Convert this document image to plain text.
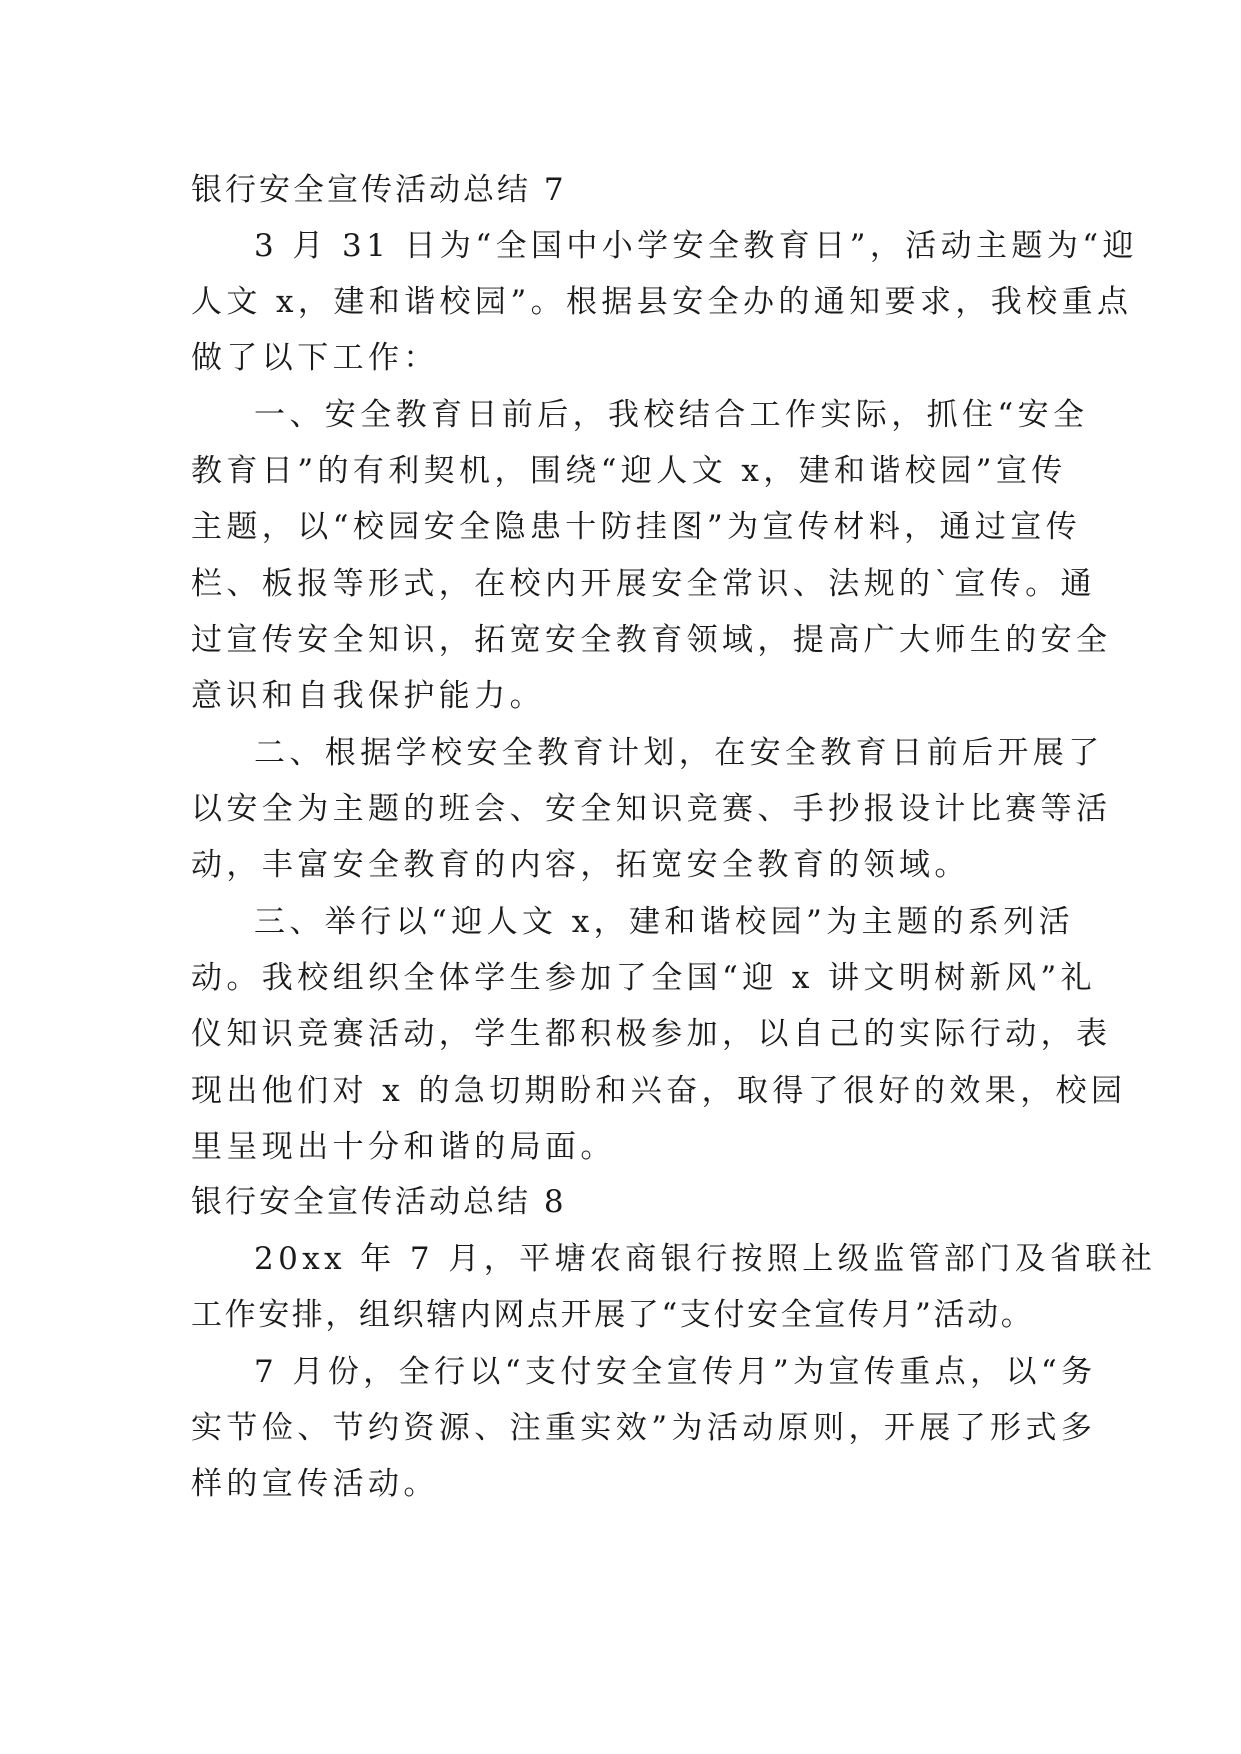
银行安全宣传活动总结 7
3 月 31 日为“全国中小学安全教育日”，活动主题为“迎
人文 x，建和谐校园”。根据县安全办的通知要求，我校重点
做了以下工作：
一、安全教育日前后，我校结合工作实际，抓住“安全
教育日”的有利契机，围绕“迎人文 x，建和谐校园”宣传
主题，以“校园安全隐患十防挂图”为宣传材料，通过宣传
栏、板报等形式，在校内开展安全常识、法规的`宣传。通
过宣传安全知识，拓宽安全教育领域，提高广大师生的安全
意识和自我保护能力。
二、根据学校安全教育计划，在安全教育日前后开展了
以安全为主题的班会、安全知识竞赛、手抄报设计比赛等活
动，丰富安全教育的内容，拓宽安全教育的领域。
三、举行以“迎人文 x，建和谐校园”为主题的系列活
动。我校组织全体学生参加了全国“迎 x 讲文明树新风”礼
仪知识竞赛活动，学生都积极参加，以自己的实际行动，表
现出他们对 x 的急切期盼和兴奋，取得了很好的效果，校园
里呈现出十分和谐的局面。
银行安全宣传活动总结 8
20xx 年 7 月，平塘农商银行按照上级监管部门及省联社
工作安排，组织辖内网点开展了“支付安全宣传月”活动。
7 月份，全行以“支付安全宣传月”为宣传重点，以“务
实节俭、节约资源、注重实效”为活动原则，开展了形式多
样的宣传活动。
